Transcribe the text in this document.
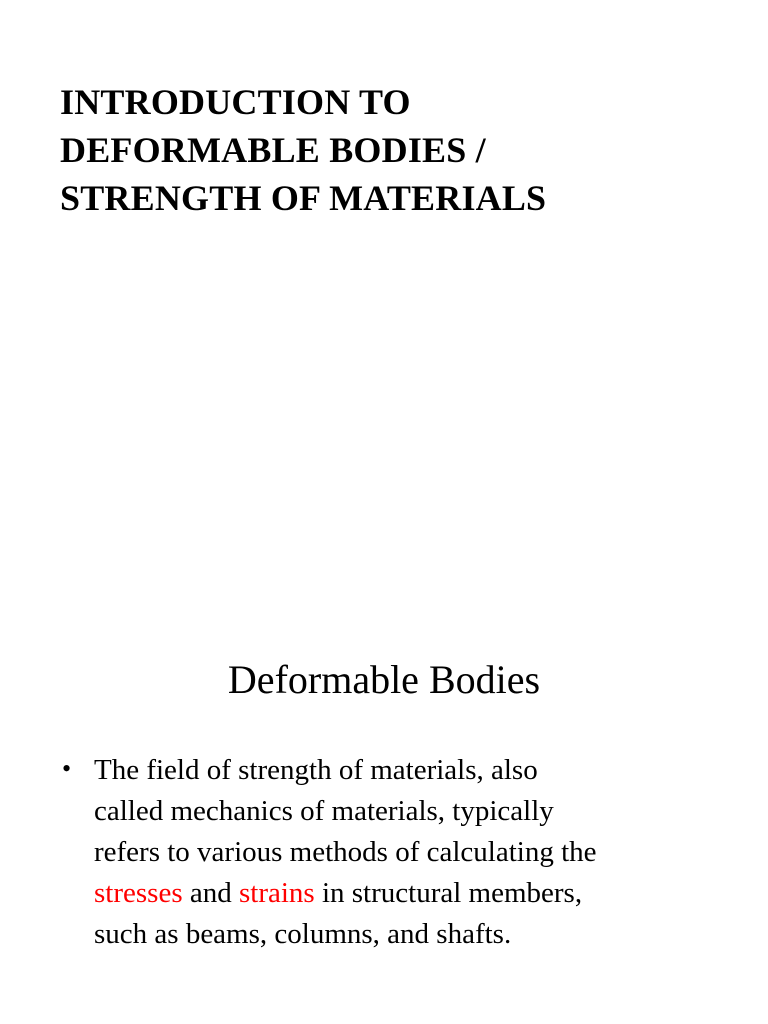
INTRODUCTION TO
DEFORMABLE BODIES /
STRENGTH OF MATERIALS
Deformable Bodies
• The field of strength of materials, also
called mechanics of materials, typically
refers to various methods of calculating the
stresses and strains in structural members,
such as beams, columns, and shafts.
